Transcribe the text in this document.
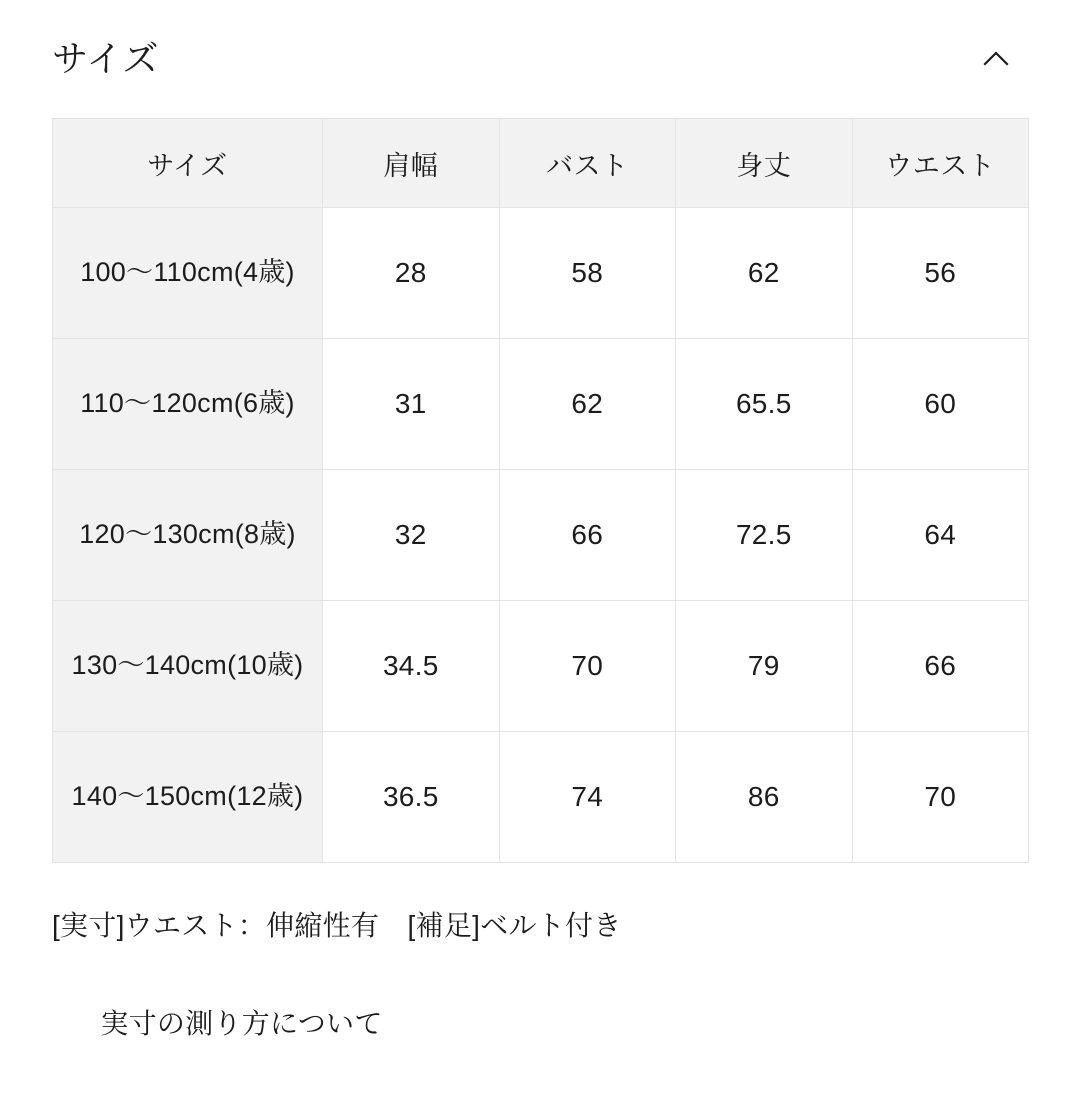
サイズ
サイズ	肩幅	バスト	身丈	ウエスト
100〜110cm(4歳)	28	58	62	56
110〜120cm(6歳)	31	62	65.5	60
120〜130cm(8歳)	32	66	72.5	64
130〜140cm(10歳)	34.5	70	79	66
140〜150cm(12歳)	36.5	74	86	70
[実寸]ウエスト：伸縮性有　[補足]ベルト付き

実寸の測り方について
